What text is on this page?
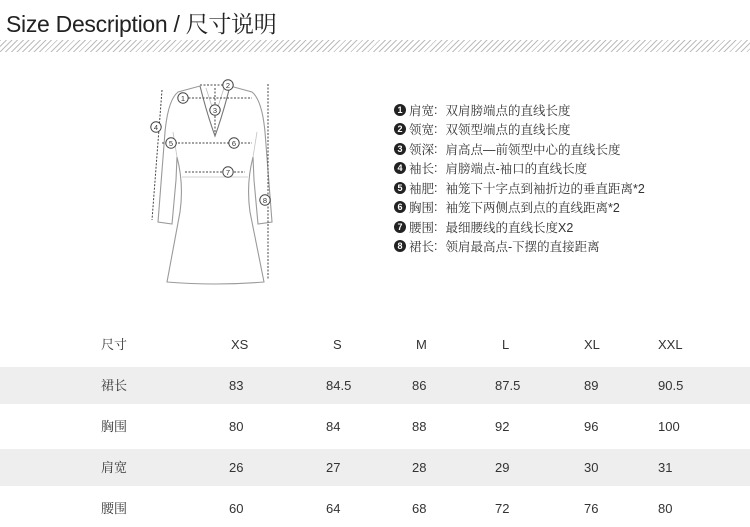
Size Description / 尺寸说明
2
1
3
4
5	6
7
8
1 肩宽 : 双肩膀端点的直线长度
2 领宽 : 双领型端点的直线长度
3 领深 : 肩高点—前领型中心的直线长度
4 袖长 : 肩膀端点-袖口的直线长度
5 袖肥 : 袖笼下十字点到袖折边的垂直距离*2
6 胸围 : 袖笼下两侧点到点的直线距离*2
7 腰围 : 最细腰线的直线长度X2
8 裙长 : 领肩最高点-下摆的直接距离
尺寸	XS	S	M	L	XL	XXL
裙长	83	84.5	86	87.5	89	90.5
胸围	80	84	88	92	96	100
肩宽	26	27	28	29	30	31
腰围	60	64	68	72	76	80
